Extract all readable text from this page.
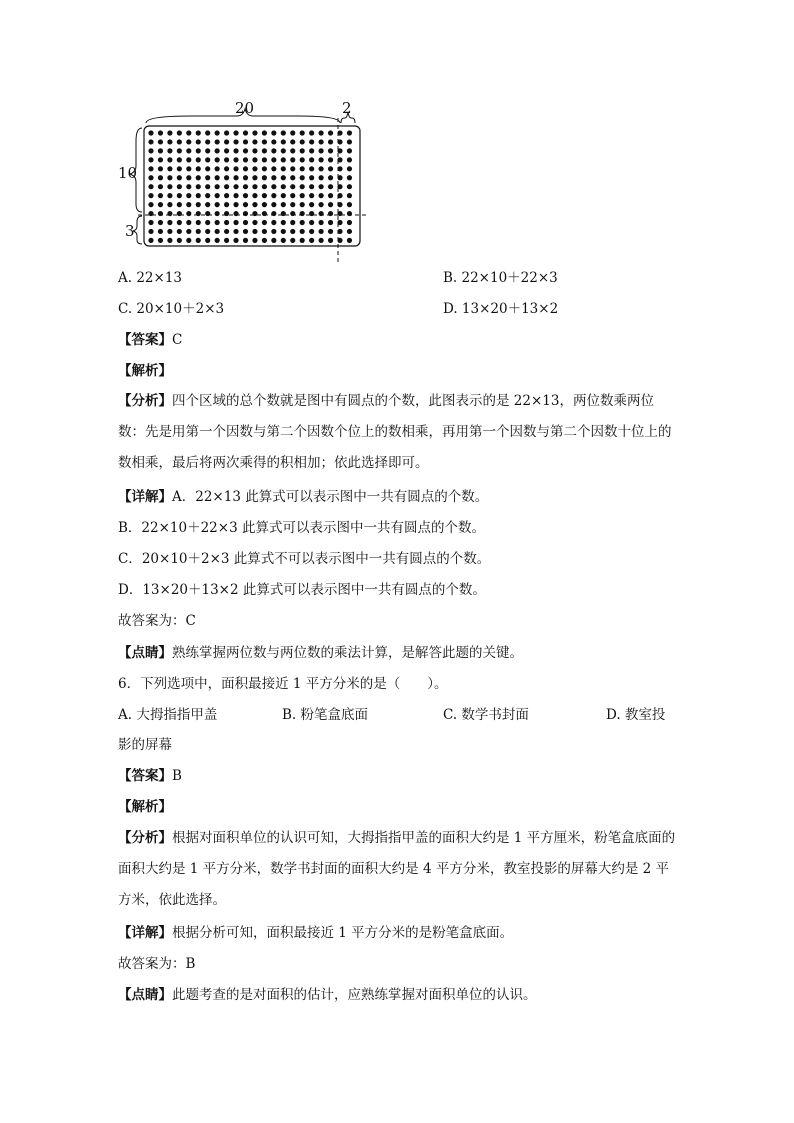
20	2
10
3
A. 22×13	B. 22×10＋22×3
C. 20×10＋2×3	D. 13×20＋13×2
【答案】C
【解析】
【分析】四个区域的总个数就是图中有圆点的个数，此图表示的是 22×13，两位数乘两位数：先是用第一个因数与第二个因数个位上的数相乘，再用第一个因数与第二个因数十位上的数相乘，最后将两次乘得的积相加；依此选择即可。
【详解】A．22×13 此算式可以表示图中一共有圆点的个数。
B．22×10＋22×3 此算式可以表示图中一共有圆点的个数。
C．20×10＋2×3 此算式不可以表示图中一共有圆点的个数。
D．13×20＋13×2 此算式可以表示图中一共有圆点的个数。
故答案为：C
【点睛】熟练掌握两位数与两位数的乘法计算，是解答此题的关键。
6．下列选项中，面积最接近 1 平方分米的是（　　）。
A. 大拇指指甲盖	B. 粉笔盒底面	C. 数学书封面	D. 教室投
影的屏幕
【答案】B
【解析】
【分析】根据对面积单位的认识可知，大拇指指甲盖的面积大约是 1 平方厘米，粉笔盒底面的面积大约是 1 平方分米，数学书封面的面积大约是 4 平方分米，教室投影的屏幕大约是 2 平方米，依此选择。
【详解】根据分析可知，面积最接近 1 平方分米的是粉笔盒底面。
故答案为：B
【点睛】此题考查的是对面积的估计，应熟练掌握对面积单位的认识。
